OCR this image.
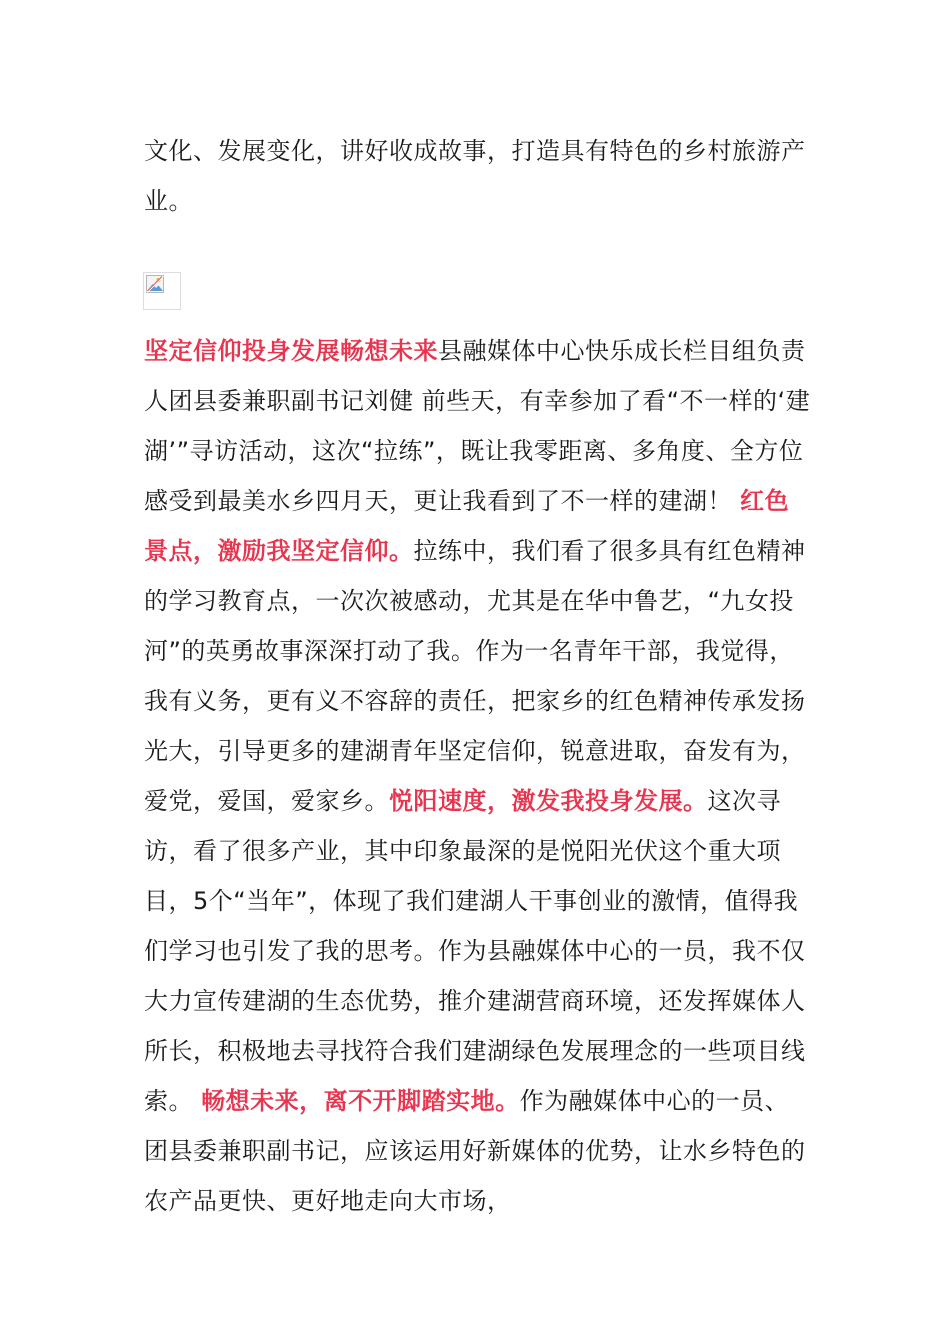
文化、发展变化，讲好收成故事，打造具有特色的乡村旅游产业。

坚定信仰投身发展畅想未来县融媒体中心快乐成长栏目组负责人团县委兼职副书记刘健 前些天，有幸参加了看“不一样的‘建湖’”寻访活动，这次“拉练”，既让我零距离、多角度、全方位感受到最美水乡四月天，更让我看到了不一样的建湖！ 红色景点，激励我坚定信仰。拉练中，我们看了很多具有红色精神的学习教育点，一次次被感动，尤其是在华中鲁艺，“九女投河”的英勇故事深深打动了我。作为一名青年干部，我觉得，我有义务，更有义不容辞的责任，把家乡的红色精神传承发扬光大，引导更多的建湖青年坚定信仰，锐意进取，奋发有为，爱党，爱国，爱家乡。悦阳速度，激发我投身发展。这次寻访，看了很多产业，其中印象最深的是悦阳光伏这个重大项目，5个“当年”，体现了我们建湖人干事创业的激情，值得我们学习也引发了我的思考。作为县融媒体中心的一员，我不仅大力宣传建湖的生态优势，推介建湖营商环境，还发挥媒体人所长，积极地去寻找符合我们建湖绿色发展理念的一些项目线索。 畅想未来，离不开脚踏实地。作为融媒体中心的一员、团县委兼职副书记，应该运用好新媒体的优势，让水乡特色的农产品更快、更好地走向大市场，
